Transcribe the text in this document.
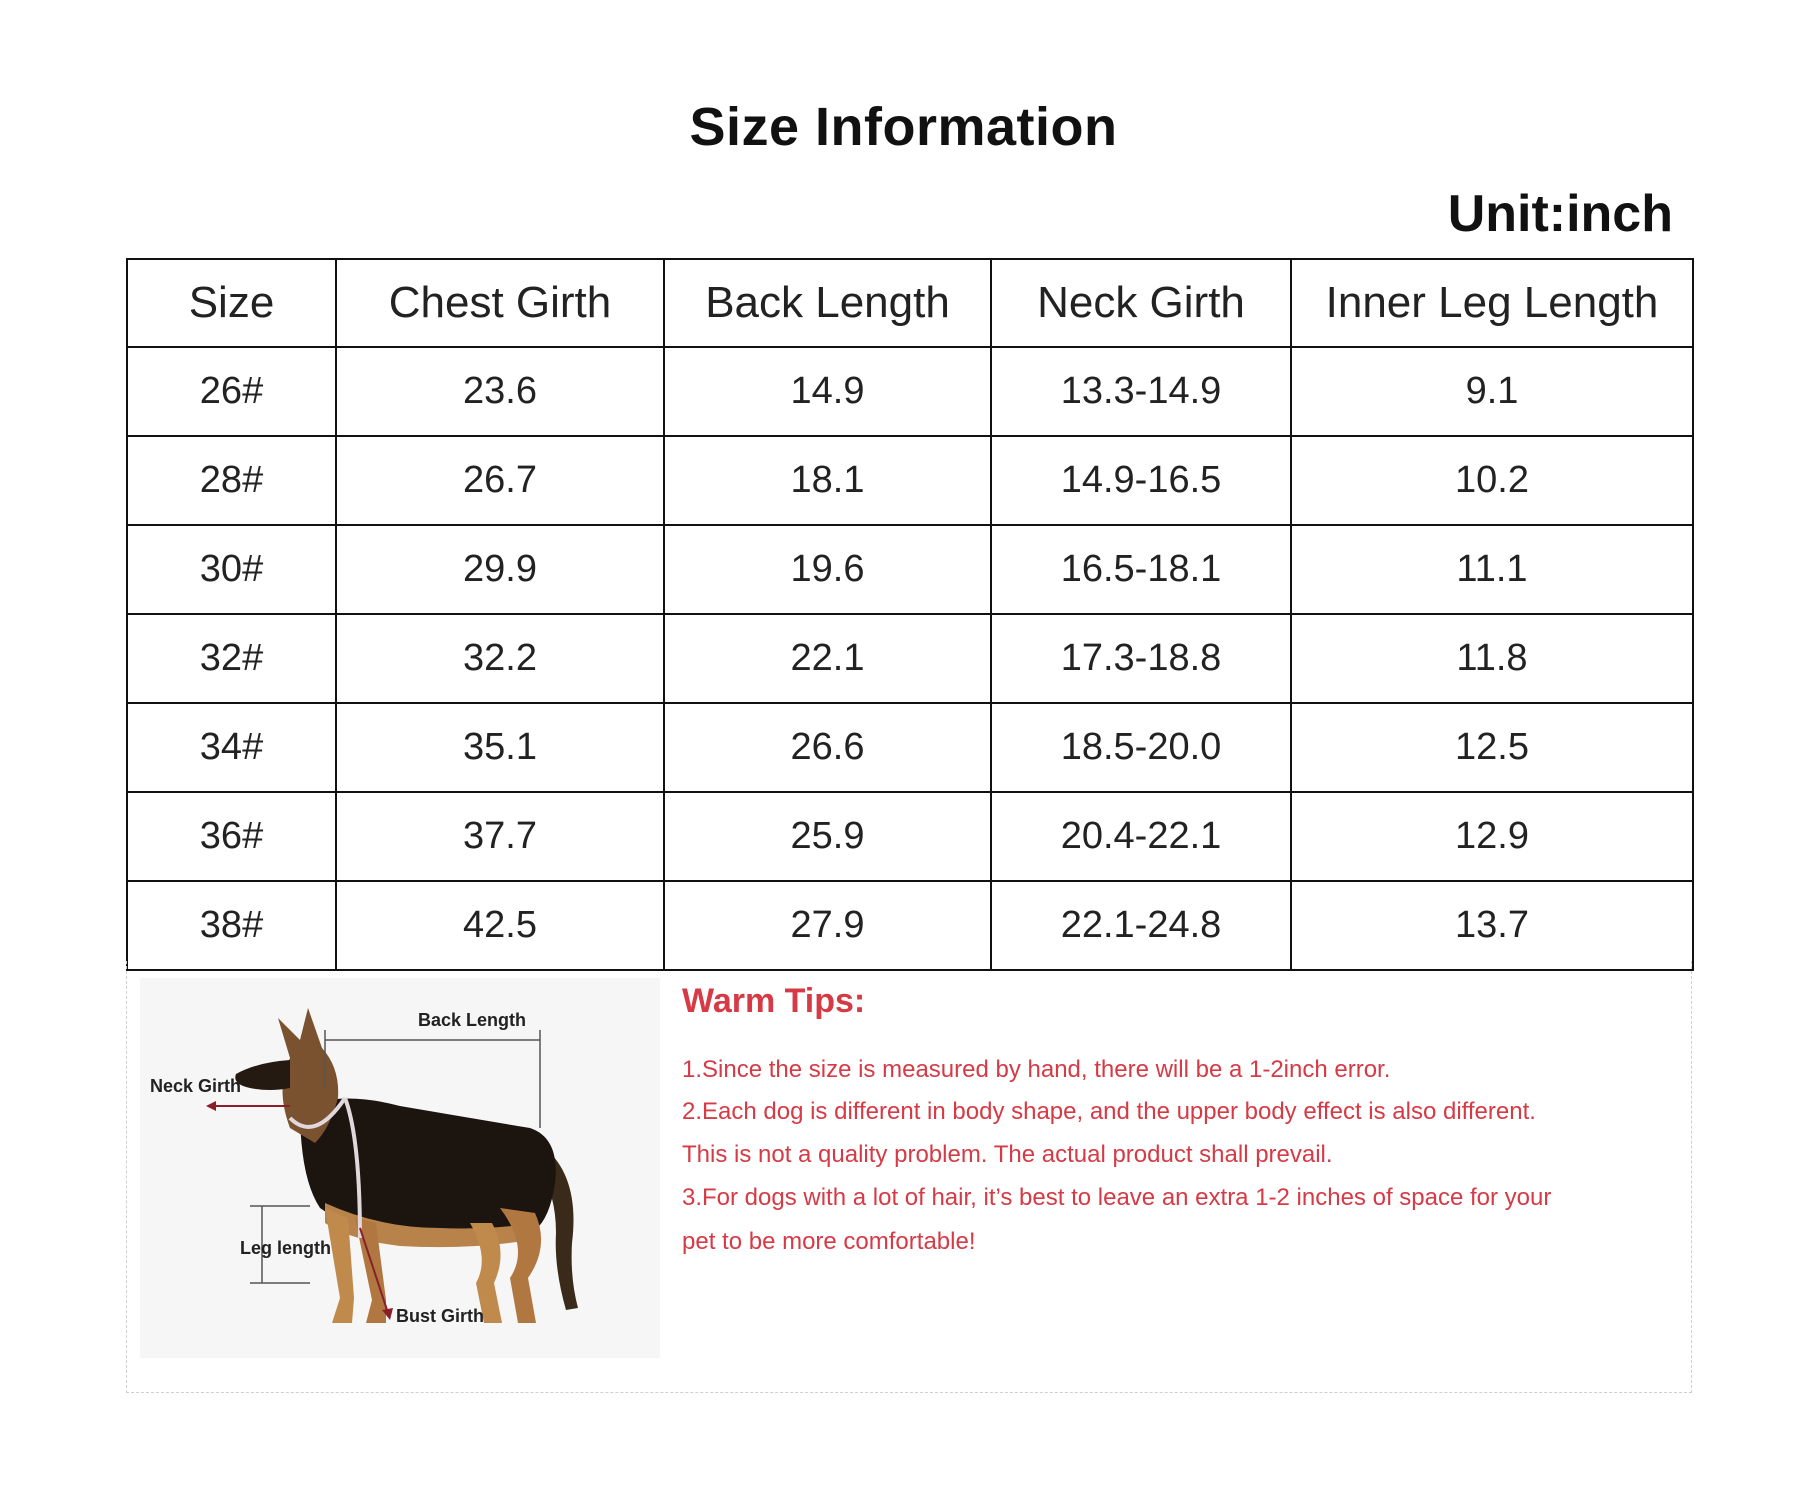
Size Information
Unit:inch
Size	Chest Girth	Back Length	Neck Girth	Inner Leg Length
26#	23.6	14.9	13.3-14.9	9.1
28#	26.7	18.1	14.9-16.5	10.2
30#	29.9	19.6	16.5-18.1	11.1
32#	32.2	22.1	17.3-18.8	11.8
34#	35.1	26.6	18.5-20.0	12.5
36#	37.7	25.9	20.4-22.1	12.9
38#	42.5	27.9	22.1-24.8	13.7
Back Length
Neck Girth
Leg length
Bust Girth
Warm Tips:
1.Since the size is measured by hand, there will be a 1-2inch error.
2.Each dog is different in body shape, and the upper body effect is also different.
This is not a quality problem. The actual product shall prevail.
3.For dogs with a lot of hair, it’s best to leave an extra 1-2 inches of space for your
pet to be more comfortable!
